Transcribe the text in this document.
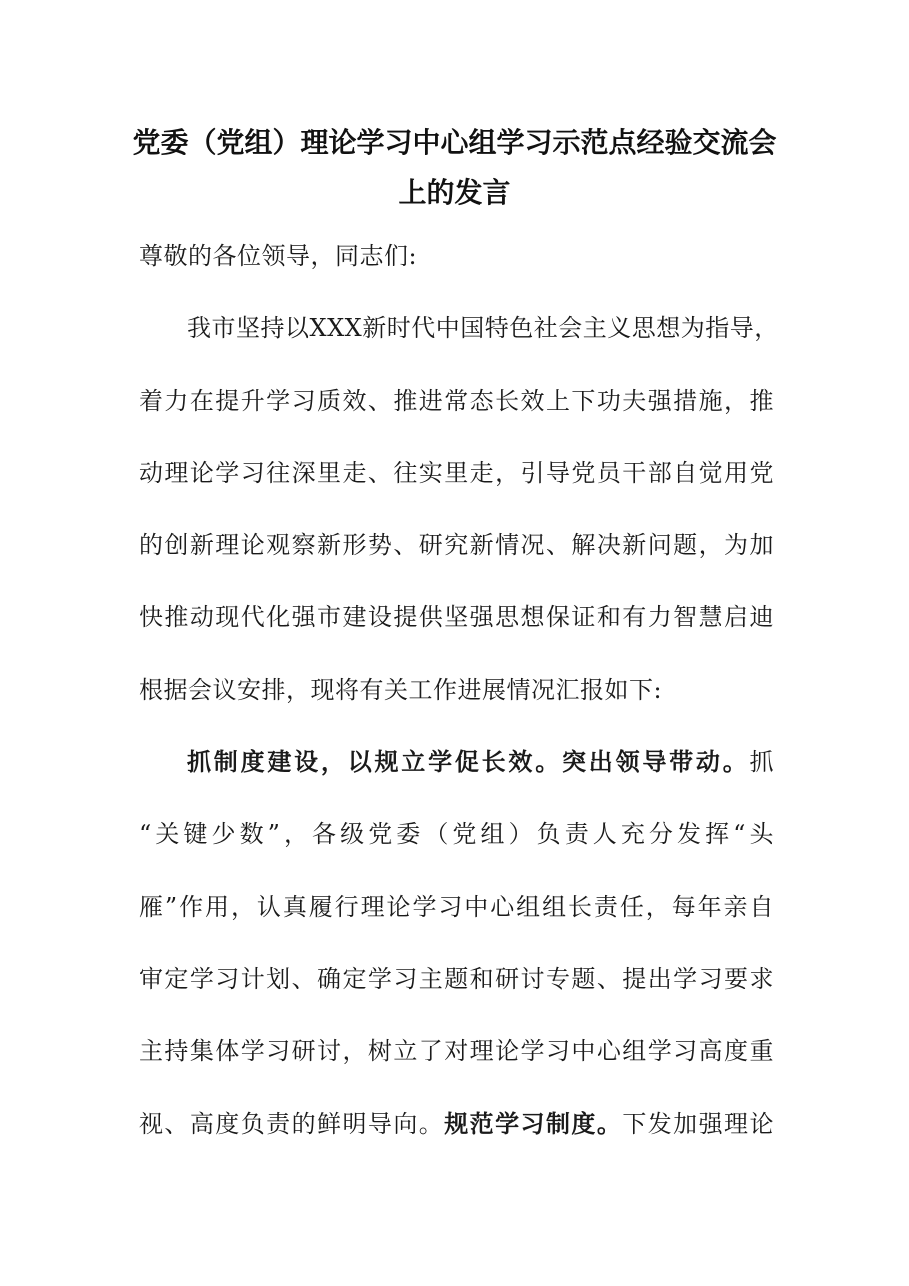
党委（党组）理论学习中心组学习示范点经验交流会
上的发言
尊敬的各位领导，同志们:
我市坚持以XXX新时代中国特色社会主义思想为指导，
着力在提升学习质效、推进常态长效上下功夫强措施，推
动理论学习往深里走、往实里走，引导党员干部自觉用党
的创新理论观察新形势、研究新情况、解决新问题，为加
快推动现代化强市建设提供坚强思想保证和有力智慧启迪
根据会议安排，现将有关工作进展情况汇报如下:
抓制度建设，以规立学促长效。突出领导带动。抓
“关键少数”，各级党委（党组）负责人充分发挥“头
雁”作用，认真履行理论学习中心组组长责任，每年亲自
审定学习计划、确定学习主题和研讨专题、提出学习要求
主持集体学习研讨，树立了对理论学习中心组学习高度重
视、高度负责的鲜明导向。规范学习制度。下发加强理论
